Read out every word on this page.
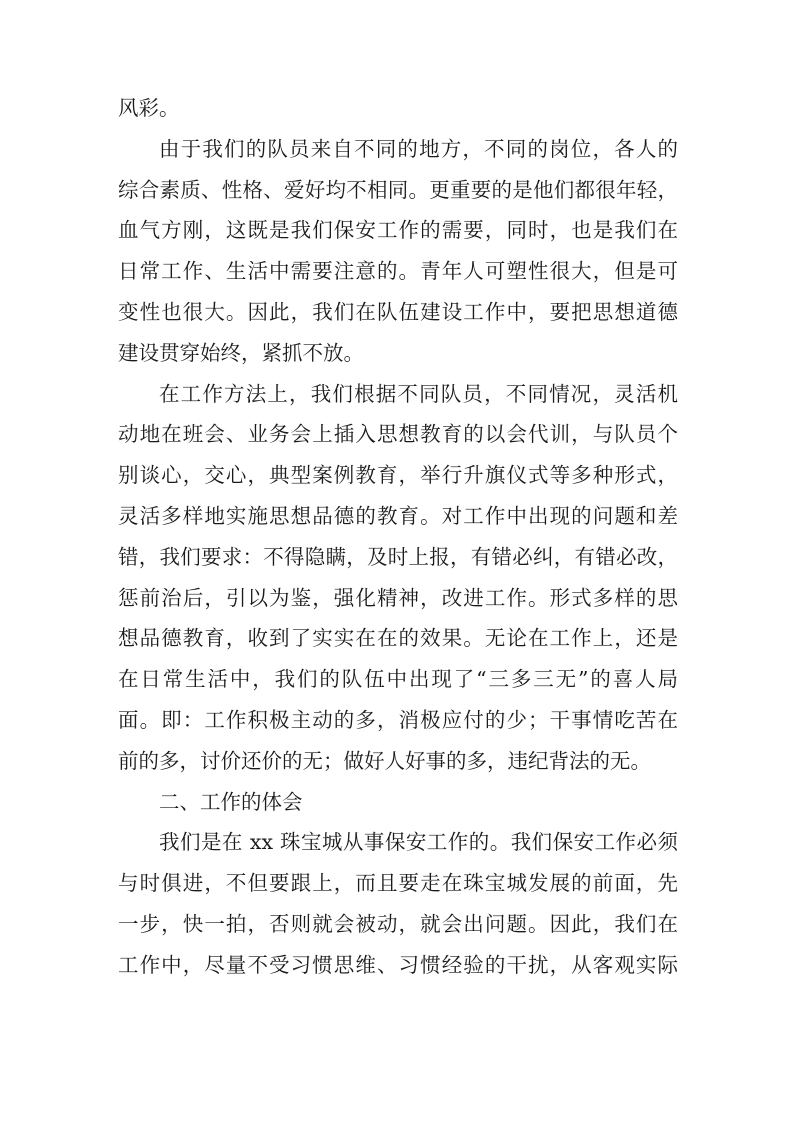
风彩。
由于我们的队员来自不同的地方，不同的岗位，各人的
综合素质、性格、爱好均不相同。更重要的是他们都很年轻，
血气方刚，这既是我们保安工作的需要，同时，也是我们在
日常工作、生活中需要注意的。青年人可塑性很大，但是可
变性也很大。因此，我们在队伍建设工作中，要把思想道德
建设贯穿始终，紧抓不放。
在工作方法上，我们根据不同队员，不同情况，灵活机
动地在班会、业务会上插入思想教育的以会代训，与队员个
别谈心，交心，典型案例教育，举行升旗仪式等多种形式，
灵活多样地实施思想品德的教育。对工作中出现的问题和差
错，我们要求：不得隐瞒，及时上报，有错必纠，有错必改，
惩前治后，引以为鉴，强化精神，改进工作。形式多样的思
想品德教育，收到了实实在在的效果。无论在工作上，还是
在日常生活中，我们的队伍中出现了“三多三无”的喜人局
面。即：工作积极主动的多，消极应付的少；干事情吃苦在
前的多，讨价还价的无；做好人好事的多，违纪背法的无。
二、工作的体会
我们是在 xx 珠宝城从事保安工作的。我们保安工作必须
与时俱进，不但要跟上，而且要走在珠宝城发展的前面，先
一步，快一拍，否则就会被动，就会出问题。因此，我们在
工作中，尽量不受习惯思维、习惯经验的干扰，从客观实际
